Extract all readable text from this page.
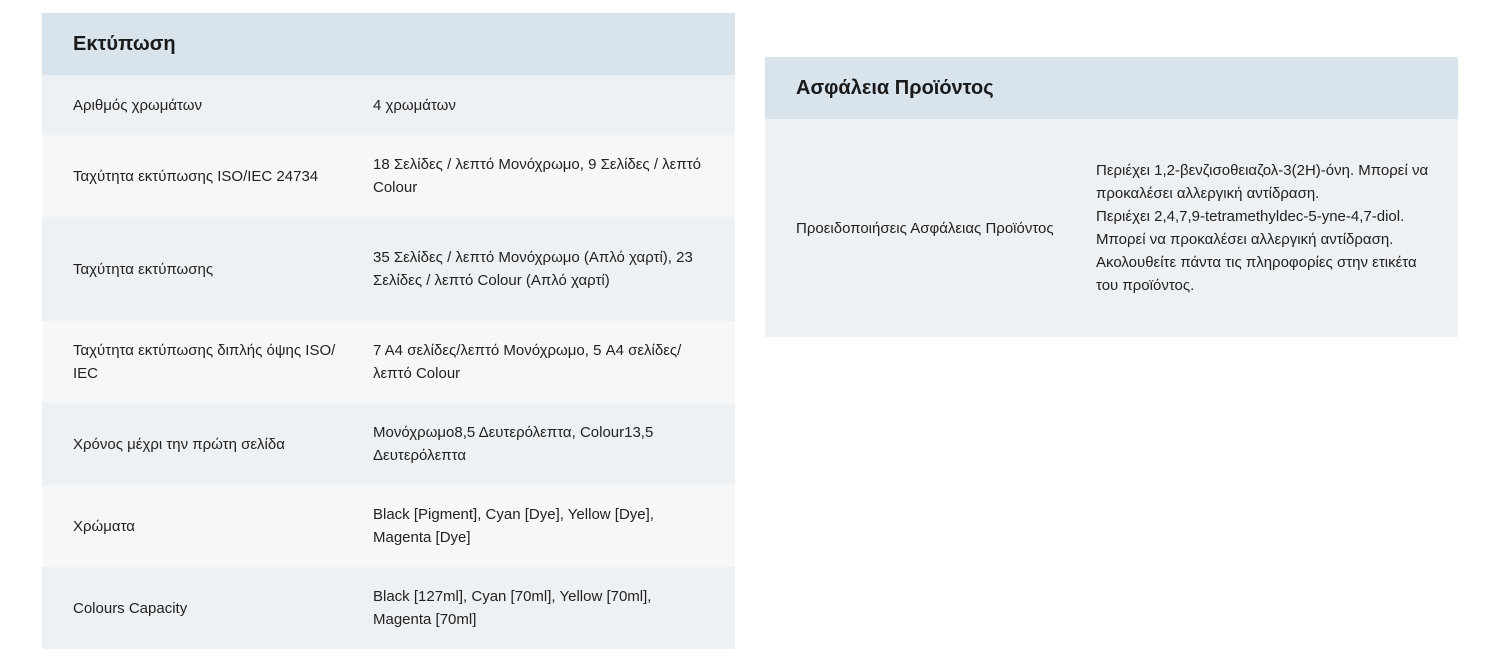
Εκτύπωση
Αριθμός χρωμάτων	4 χρωμάτων
Ταχύτητα εκτύπωσης ISO/IEC 24734
18 Σελίδες / λεπτό Μονόχρωμο, 9 Σελίδες / λεπτό Colour
Ταχύτητα εκτύπωσης
35 Σελίδες / λεπτό Μονόχρωμο (Απλό χαρτί), 23 Σελίδες / λεπτό Colour (Απλό χαρτί)
Ταχύτητα εκτύπωσης διπλής όψης ISO/ IEC
7 A4 σελίδες/λεπτό Μονόχρωμο, 5 A4 σελίδες/λεπτό Colour
Χρόνος μέχρι την πρώτη σελίδα
Μονόχρωμο8,5 Δευτερόλεπτα, Colour13,5 Δευτερόλεπτα
Χρώματα
Black [Pigment], Cyan [Dye], Yellow [Dye], Magenta [Dye]
Colours Capacity
Black [127ml], Cyan [70ml], Yellow [70ml], Magenta [70ml]
Ασφάλεια Προϊόντος
Προειδοποιήσεις Ασφάλειας Προϊόντος
Περιέχει 1,2-βενζισοθειαζολ-3(2H)-όνη. Μπορεί να προκαλέσει αλλεργική αντίδραση.
Περιέχει 2,4,7,9-tetramethyldec-5-yne-4,7-diol. Μπορεί να προκαλέσει αλλεργική αντίδραση.
Ακολουθείτε πάντα τις πληροφορίες στην ετικέτα του προϊόντος.
